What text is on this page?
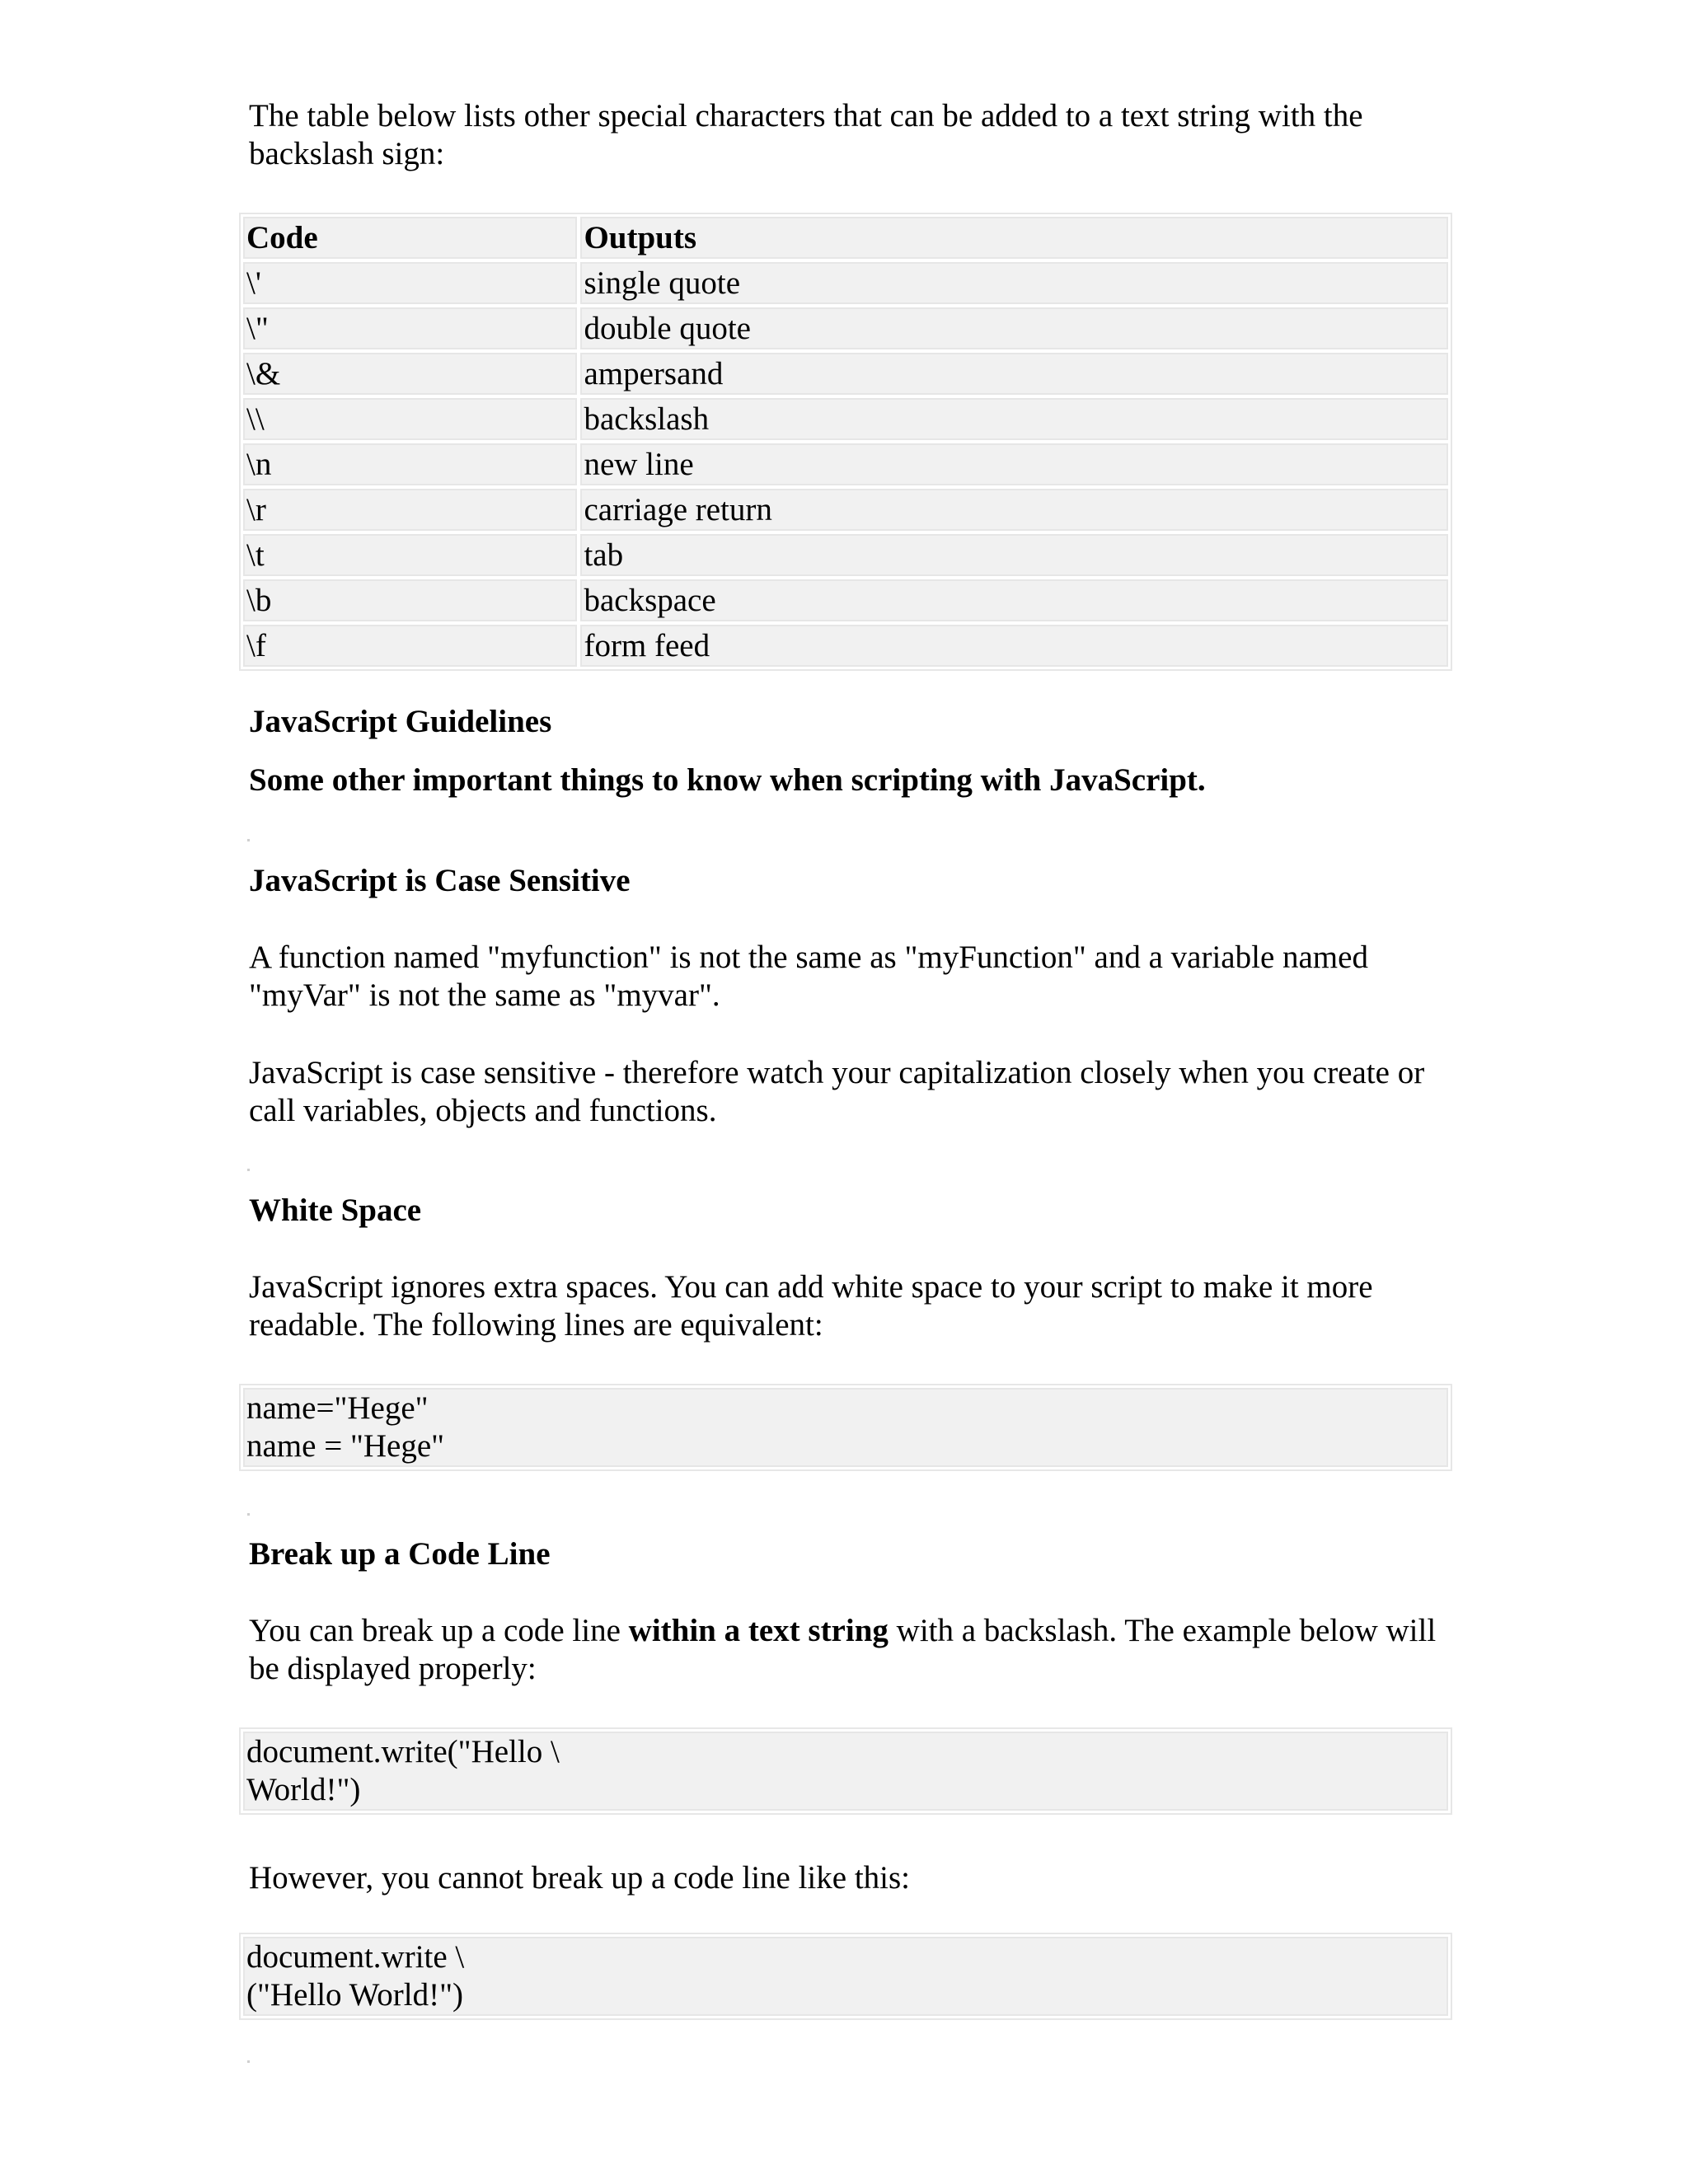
The table below lists other special characters that can be added to a text string with the backslash sign:

Code	Outputs
\'	single quote
\"	double quote
\&	ampersand
\\	backslash
\n	new line
\r	carriage return
\t	tab
\b	backspace
\f	form feed

JavaScript Guidelines

Some other important things to know when scripting with JavaScript.

JavaScript is Case Sensitive

A function named "myfunction" is not the same as "myFunction" and a variable named "myVar" is not the same as "myvar".

JavaScript is case sensitive - therefore watch your capitalization closely when you create or call variables, objects and functions.

White Space

JavaScript ignores extra spaces. You can add white space to your script to make it more readable. The following lines are equivalent:

name="Hege"
name = "Hege"

Break up a Code Line

You can break up a code line within a text string with a backslash. The example below will be displayed properly:

document.write("Hello \
World!")

However, you cannot break up a code line like this:

document.write \
("Hello World!")
